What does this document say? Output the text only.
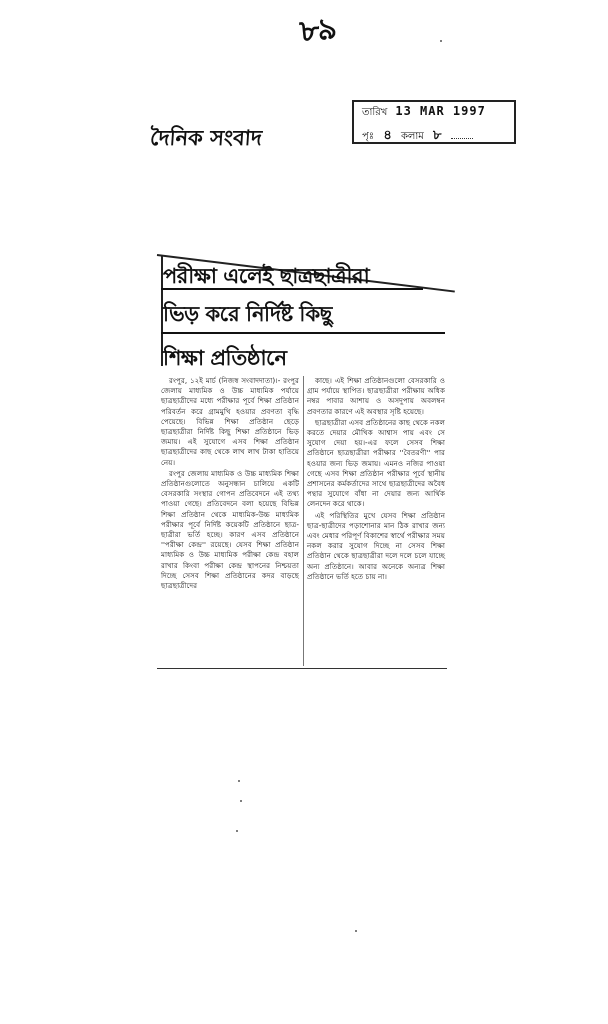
৮৯
দৈনিক সংবাদ
তারিখ 13 MAR 1997
পৃঃ ৪ কলাম ৮
পরীক্ষা এলেই ছাত্রছাত্রীরা
ভিড় করে নির্দিষ্ট কিছু
শিক্ষা প্রতিষ্ঠানে

রংপুর, ১২ই মার্চ (নিজস্ব সংবাদদাতা)।- রংপুর জেলায় মাধ্যমিক ও উচ্চ মাধ্যমিক পর্যায়ে ছাত্রছাত্রীদের মধ্যে পরীক্ষার পূর্বে শিক্ষা প্রতিষ্ঠান পরিবর্তন করে গ্রামমুখি হওয়ার প্রবণতা বৃদ্ধি পেয়েছে। বিভিন্ন শিক্ষা প্রতিষ্ঠান ছেড়ে ছাত্রছাত্রীরা নির্দিষ্ট কিছু শিক্ষা প্রতিষ্ঠানে ভিড় জমায়। এই সুযোগে এসব শিক্ষা প্রতিষ্ঠান ছাত্রছাত্রীদের কাছ থেকে লাখ লাখ টাকা হাতিয়ে নেয়।

রংপুর জেলায় মাধ্যমিক ও উচ্চ মাধ্যমিক শিক্ষা প্রতিষ্ঠানগুলোতে অনুসন্ধান চালিয়ে একটি বেসরকারি সংস্থার গোপন প্রতিবেদনে এই তথ্য পাওয়া গেছে। প্রতিবেদনে বলা হয়েছে বিভিন্ন শিক্ষা প্রতিষ্ঠান থেকে মাধ্যমিক-উচ্চ মাধ্যমিক পরীক্ষার পূর্বে নির্দিষ্ট কয়েকটি প্রতিষ্ঠানে ছাত্র-ছাত্রীরা ভর্তি হচ্ছে। কারণ এসব প্রতিষ্ঠানে ''পরীক্ষা কেন্দ্র'' রয়েছে। যেসব শিক্ষা প্রতিষ্ঠান মাধ্যমিক ও উচ্চ মাধ্যমিক পরীক্ষা কেন্দ্র বহাল রাখার কিংবা পরীক্ষা কেন্দ্র স্থাপনের নিশ্চয়তা দিচ্ছে সেসব শিক্ষা প্রতিষ্ঠানের কদর বাড়ছে ছাত্রছাত্রীদের

কাছে। এই শিক্ষা প্রতিষ্ঠানগুলো বেসরকারি ও গ্রাম পর্যায়ে স্থাপিত। ছাত্রছাত্রীরা পরীক্ষায় অধিক নম্বর পাবার আশায় ও অসদুপায় অবলম্বন প্রবণতার কারণে এই অবস্থার সৃষ্টি হয়েছে।

ছাত্রছাত্রীরা এসব প্রতিষ্ঠানের কাছ থেকে নকল করতে দেয়ার মৌখিক আশ্বাস পায় এবং সে সুযোগ দেয়া হয়।-এর ফলে সেসব শিক্ষা প্রতিষ্ঠানে ছাত্রছাত্রীরা পরীক্ষার ''বৈতরণী'' পার হওয়ার জন্য ভিড় জমায়। এমনও নজির পাওয়া গেছে এসব শিক্ষা প্রতিষ্ঠান পরীক্ষার পূর্বে স্থানীয় প্রশাসনের কর্মকর্তাদের সাথে ছাত্রছাত্রীদের অবৈধ পন্থার সুযোগে বাঁধা না দেয়ার জন্য আর্থিক লেনদেন করে থাকে।

এই পরিস্থিতির মুখে যেসব শিক্ষা প্রতিষ্ঠান ছাত্র-ছাত্রীদের পড়াশোনার মান ঠিক রাখার জন্য এবং মেধার পরিপূর্ণ বিকাশের স্বার্থে পরীক্ষার সময় নকল করার সুযোগ দিচ্ছে না সেসব শিক্ষা প্রতিষ্ঠান থেকে ছাত্রছাত্রীরা দলে দলে চলে যাচ্ছে অন্য প্রতিষ্ঠানে। আবার অনেকে অন্যত্র শিক্ষা প্রতিষ্ঠানে ভর্তি হতে চায় না।
